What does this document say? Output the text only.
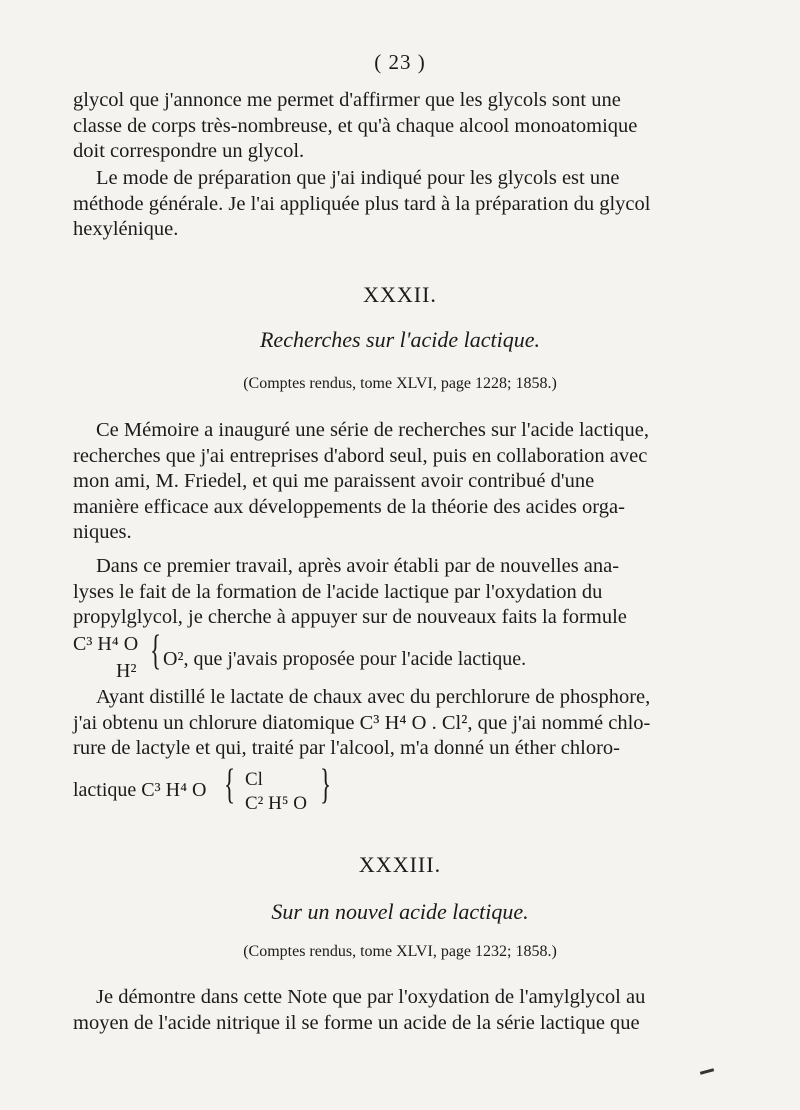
( 23 )

glycol que j'annonce me permet d'affirmer que les glycols sont une

classe de corps très-nombreuse, et qu'à chaque alcool monoatomique

doit correspondre un glycol.

Le mode de préparation que j'ai indiqué pour les glycols est une

méthode générale. Je l'ai appliquée plus tard à la préparation du glycol

hexylénique.

XXXII.
Recherches sur l'acide lactique.
(Comptes rendus, tome XLVI, page 1228; 1858.)

Ce Mémoire a inauguré une série de recherches sur l'acide lactique,

recherches que j'ai entreprises d'abord seul, puis en collaboration avec

mon ami, M. Friedel, et qui me paraissent avoir contribué d'une

manière efficace aux développements de la théorie des acides orga-

niques.

Dans ce premier travail, après avoir établi par de nouvelles ana-

lyses le fait de la formation de l'acide lactique par l'oxydation du

propylglycol, je cherche à appuyer sur de nouveaux faits la formule

C³ H⁴ O
H² { O², que j'avais proposée pour l'acide lactique.

Ayant distillé le lactate de chaux avec du perchlorure de phosphore,

j'ai obtenu un chlorure diatomique C³ H⁴ O . Cl², que j'ai nommé chlo-

rure de lactyle et qui, traité par l'alcool, m'a donné un éther chloro-

lactique C³ H⁴ O { Cl
C² H⁵ O }
XXXIII.
Sur un nouvel acide lactique.
(Comptes rendus, tome XLVI, page 1232; 1858.)

Je démontre dans cette Note que par l'oxydation de l'amylglycol au

moyen de l'acide nitrique il se forme un acide de la série lactique que
